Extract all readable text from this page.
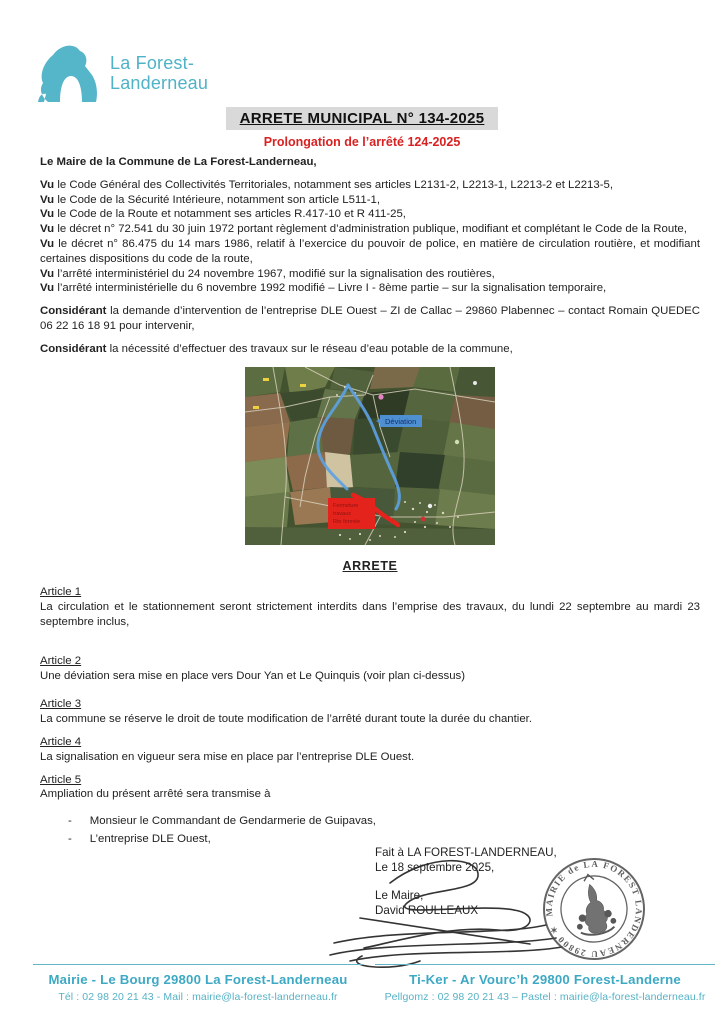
La Forest-
Landerneau
ARRETE MUNICIPAL N° 134-2025
Prolongation de l’arrêté 124-2025

Le Maire de la Commune de La Forest-Landerneau,

Vu le Code Général des Collectivités Territoriales, notamment ses articles L2131-2, L2213-1, L2213-2 et L2213-5,

Vu le Code de la Sécurité Intérieure, notamment son article L511-1,

Vu le Code de la Route et notamment ses articles R.417-10 et R 411-25,

Vu le décret n° 72.541 du 30 juin 1972 portant règlement d’administration publique, modifiant et complétant le Code de la Route,

Vu le décret n° 86.475 du 14 mars 1986, relatif à l’exercice du pouvoir de police, en matière de circulation routière, et modifiant certaines dispositions du code de la route,

Vu l’arrêté interministériel du 24 novembre 1967, modifié sur la signalisation des routières,

Vu l’arrêté interministérielle du 6 novembre 1992 modifié – Livre I - 8ème partie – sur la signalisation temporaire,

Considérant la demande d’intervention de l’entreprise DLE Ouest – ZI de Callac – 29860 Plabennec – contact Romain QUEDEC 06 22 16 18 91 pour intervenir,

Considérant la nécessité d’effectuer des travaux sur le réseau d’eau potable de la commune,

Fermeture
travaux
Rte fermée
Déviation

ARRETE

Article 1

La circulation et le stationnement seront strictement interdits dans l’emprise des travaux, du lundi 22 septembre au mardi 23 septembre inclus,

Article 2

Une déviation sera mise en place vers Dour Yan et Le Quinquis (voir plan ci-dessus)

Article 3

La commune se réserve le droit de toute modification de l’arrêté durant toute la durée du chantier.

Article 4

La signalisation en vigueur sera mise en place par l’entreprise DLE Ouest.

Article 5

Ampliation du présent arrêté sera transmise à

- Monsieur le Commandant de Gendarmerie de Guipavas,
- L’entreprise DLE Ouest,
Fait à LA FOREST-LANDERNEAU,
Le 18 septembre 2025,
Le Maire,
David ROULLEAUX	MAIRIE de LA FOREST LANDERNEAU 29800 ✶
Mairie - Le Bourg 29800 La Forest-Landerneau
Tél : 02 98 20 21 43 - Mail : mairie@la-forest-landerneau.fr
Ti-Ker - Ar Vourc’h 29800 Forest-Landerne
Pellgomz : 02 98 20 21 43 – Pastel : mairie@la-forest-landerneau.fr
